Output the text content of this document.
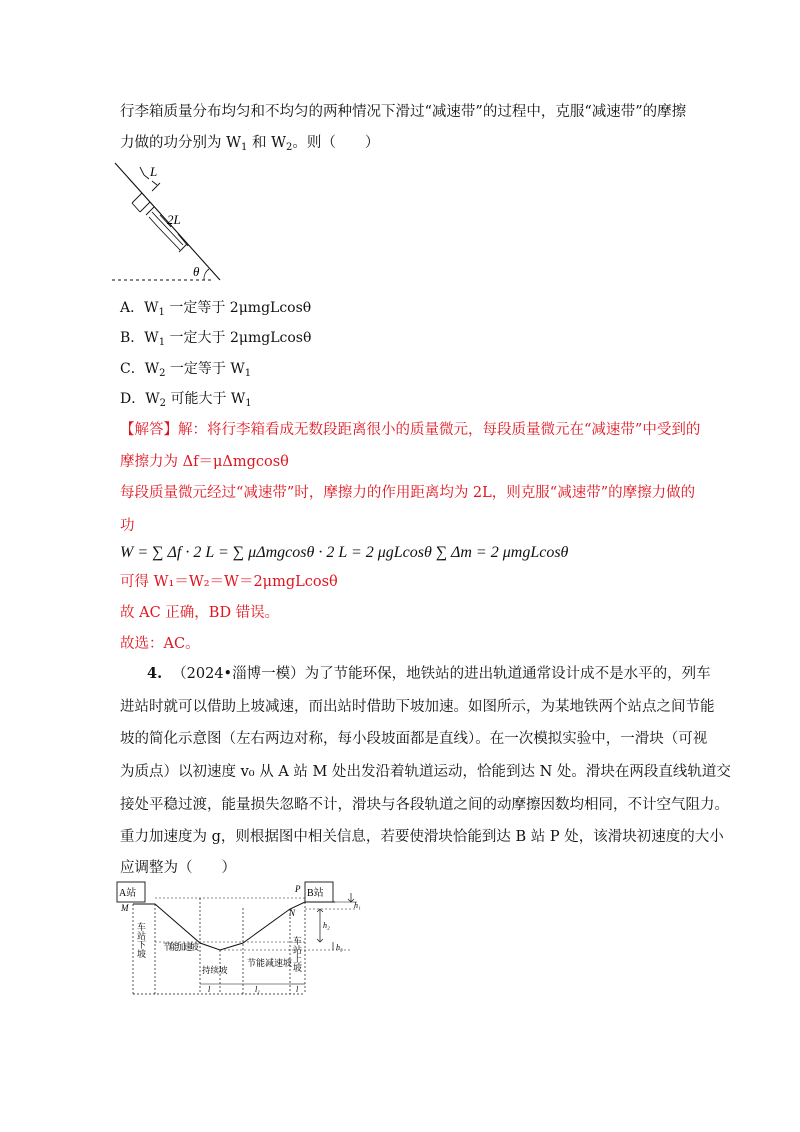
行李箱质量分布均匀和不均匀的两种情况下滑过“减速带”的过程中，克服“减速带”的摩擦
力做的功分别为 $W_1$ 和 $W_2$。则（　　）
L
2L
θ
A．$W_1$ 一定等于 2μmgLcosθ
B．$W_1$ 一定大于 2μmgLcosθ
C．$W_2$ 一定等于 $W_1$
D．$W_2$ 可能大于 $W_1$
【解答】解：将行李箱看成无数段距离很小的质量微元，每段质量微元在“减速带”中受到的
摩擦力为 Δf＝μΔmgcosθ
每段质量微元经过“减速带”时，摩擦力的作用距离均为 2L，则克服“减速带”的摩擦力做的
功
W = ∑ Δf · 2 L = ∑ μΔmgcosθ · 2 L = 2 μgLcosθ ∑ Δm = 2 μmgLcosθ
可得 W₁＝W₂＝W＝2μmgLcosθ
故 AC 正确，BD 错误。
故选：AC。
4. （2024•淄博一模）为了节能环保，地铁站的进出轨道通常设计成不是水平的，列车
进站时就可以借助上坡减速，而出站时借助下坡加速。如图所示，为某地铁两个站点之间节能
坡的简化示意图（左右两边对称，每小段坡面都是直线）。在一次模拟实验中，一滑块（可视
为质点）以初速度 v₀ 从 A 站 M 处出发沿着轨道运动，恰能到达 N 处。滑块在两段直线轨道交
接处平稳过渡，能量损失忽略不计，滑块与各段轨道之间的动摩擦因数均相同，不计空气阻力。
重力加速度为 g，则根据图中相关信息，若要使滑块恰能到达 B 站 P 处，该滑块初速度的大小
应调整为（　　）
A站	B站
M
P
N
h₁
h₂
h₃
车站下坡 节能加速坡
持续坡
节能减速坡 车站上坡
l	l₁	l
